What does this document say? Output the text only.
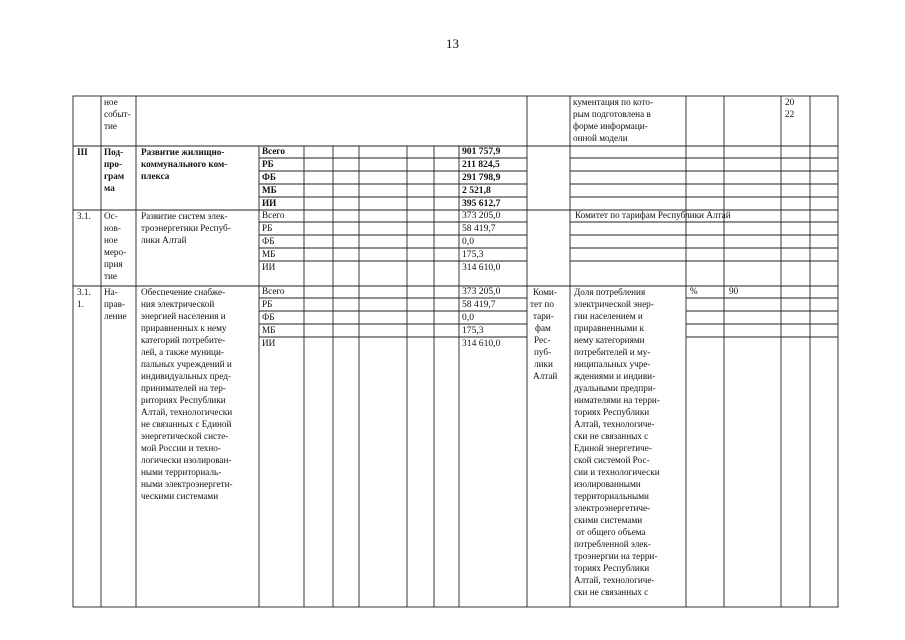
13
ное
событ-
тие
кументация по кото-
рым подготовлена в
форме информаци-
онной модели
20
22
III Под-
про-
грам
ма
Развитие жилищно-
коммунального ком-
плекса
Всего
РБ
ФБ
МБ
ИИ
901 757,9
211 824,5
291 798,9
2 521,8
395 612,7
3.1. Ос-
нов-
ное
меро-
прия
тие
Развитие систем элек-
троэнергетики Респуб-
лики Алтай
Всего
РБ
ФБ
МБ
ИИ
373 205,0
58 419,7
0,0
175,3
314 610,0
Комитет по тарифам Республики Алтай
3.1.
1.
На-
прав-
ление
Обеспечение снабже-
ния электрической
энергией населения и
приравненных к нему
категорий потребите-
лей, а также муници-
пальных учреждений и
индивидуальных пред-
принимателей на тер-
риториях Республики
Алтай, технологически
не связанных с Единой
энергетической систе-
мой России и техно-
логически изолирован-
ными территориаль-
ными электроэнергети-
ческими системами
Всего
РБ
ФБ
МБ
ИИ
373 205,0
58 419,7
0,0
175,3
314 610,0
Коми-
тет по
тари-
фам
Рес-
пуб-
лики
Алтай
Доля потребления
электрической энер-
гии населением и
приравненными к
нему категориями
потребителей и му-
ниципальных учре-
ждениями и индиви-
дуальными предпри-
нимателями на терри-
ториях Республики
Алтай, технологиче-
ски не связанных с
Единой энергетиче-
ской системой Рос-
сии и технологически
изолированными
территориальными
электроэнергетиче-
скими системами
от общего объема
потребленной элек-
троэнергии на терри-
ториях Республики
Алтай, технологиче-
ски не связанных с
%	90
